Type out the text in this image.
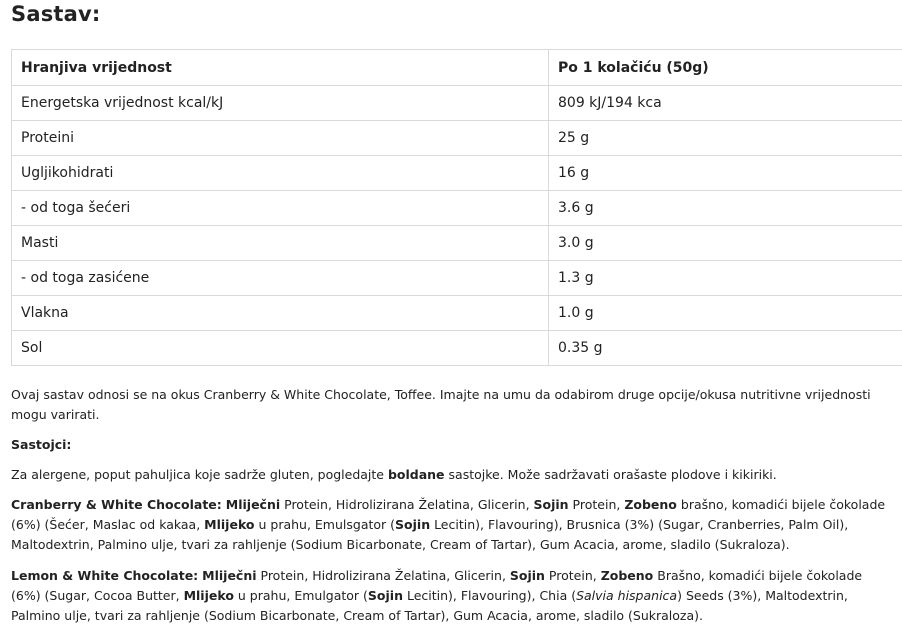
Sastav:
Hranjiva vrijednost	Po 1 kolačiću (50g)
Energetska vrijednost kcal/kJ	809 kJ/194 kca
Proteini	25 g
Ugljikohidrati	16 g
- od toga šećeri	3.6 g
Masti	3.0 g
- od toga zasićene	1.3 g
Vlakna	1.0 g
Sol	0.35 g

Ovaj sastav odnosi se na okus Cranberry & White Chocolate, Toffee. Imajte na umu da odabirom druge opcije/okusa nutritivne vrijednosti mogu varirati.

Sastojci:

Za alergene, poput pahuljica koje sadrže gluten, pogledajte boldane sastojke. Može sadržavati orašaste plodove i kikiriki.

Cranberry & White Chocolate: Mliječni Protein, Hidrolizirana Želatina, Glicerin, Sojin Protein, Zobeno brašno, komadići bijele čokolade (6%) (Šećer, Maslac od kakaa, Mlijeko u prahu, Emulsgator (Sojin Lecitin), Flavouring), Brusnica (3%) (Sugar, Cranberries, Palm Oil), Maltodextrin, Palmino ulje, tvari za rahljenje (Sodium Bicarbonate, Cream of Tartar), Gum Acacia, arome, sladilo (Sukraloza).

Lemon & White Chocolate: Mliječni Protein, Hidrolizirana Želatina, Glicerin, Sojin Protein, Zobeno Brašno, komadići bijele čokolade (6%) (Sugar, Cocoa Butter, Mlijeko u prahu, Emulgator (Sojin Lecitin), Flavouring), Chia (Salvia hispanica) Seeds (3%), Maltodextrin, Palmino ulje, tvari za rahljenje (Sodium Bicarbonate, Cream of Tartar), Gum Acacia, arome, sladilo (Sukraloza).
